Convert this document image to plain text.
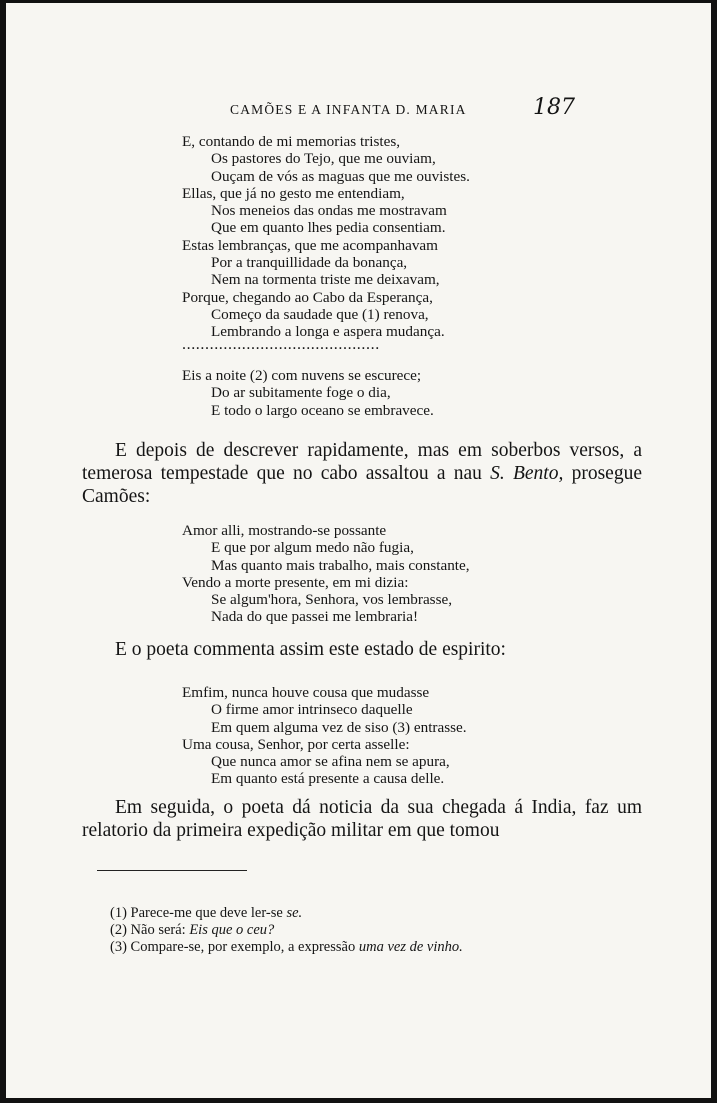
CAMÕES E A INFANTA D. MARIA	187
E, contando de mi memorias tristes,
Os pastores do Tejo, que me ouviam,
Ouçam de vós as maguas que me ouvistes.
Ellas, que já no gesto me entendiam,
Nos meneios das ondas me mostravam
Que em quanto lhes pedia consentiam.
Estas lembranças, que me acompanhavam
Por a tranquillidade da bonança,
Nem na tormenta triste me deixavam,
Porque, chegando ao Cabo da Esperança,
Começo da saudade que (1) renova,
Lembrando a longa e aspera mudança.
...........................................
Eis a noite (2) com nuvens se escurece;
Do ar subitamente foge o dia,
E todo o largo oceano se embravece.
E depois de descrever rapidamente, mas em soberbos versos, a temerosa tempestade que no cabo assaltou a nau S. Bento, prosegue Camões:
Amor alli, mostrando-se possante
E que por algum medo não fugia,
Mas quanto mais trabalho, mais constante,
Vendo a morte presente, em mi dizia:
Se algum'hora, Senhora, vos lembrasse,
Nada do que passei me lembraria!
E o poeta commenta assim este estado de espirito:
Emfim, nunca houve cousa que mudasse
O firme amor intrinseco daquelle
Em quem alguma vez de siso (3) entrasse.
Uma cousa, Senhor, por certa asselle:
Que nunca amor se afina nem se apura,
Em quanto está presente a causa delle.
Em seguida, o poeta dá noticia da sua chegada á India, faz um relatorio da primeira expedição militar em que tomou
(1) Parece-me que deve ler-se se.
(2) Não será: Eis que o ceu?
(3) Compare-se, por exemplo, a expressão uma vez de vinho.
